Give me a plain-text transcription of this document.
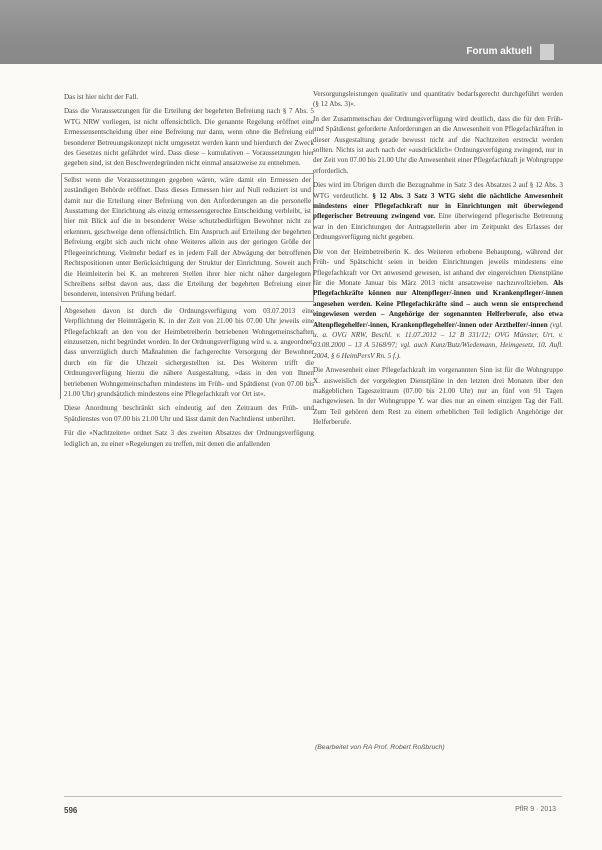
Forum aktuell

Das ist hier nicht der Fall.

Dass die Voraussetzungen für die Erteilung der begehrten Befreiung nach § 7 Abs. 5 WTG NRW vorliegen, ist nicht offensichtlich. Die genannte Regelung eröffnet eine Ermessensentscheidung über eine Befreiung nur dann, wenn ohne die Befreiung ein besonderer Betreuungskonzept nicht umgesetzt werden kann und hierdurch der Zweck des Gesetzes nicht gefährdet wird. Dass diese – kumulativen – Voraussetzungen hier gegeben sind, ist den Beschwerdegründen nicht einmal ansatzweise zu entnehmen.

Selbst wenn die Voraussetzungen gegeben wären, wäre damit ein Ermessen der zuständigen Behörde eröffnet. Dass dieses Ermessen hier auf Null reduziert ist und damit nur die Erteilung einer Befreiung von den Anforderungen an die personelle Ausstattung der Einrichtung als einzig ermessensgerechte Entscheidung verbleibt, ist hier mit Blick auf die in besonderer Weise schutzbedürftigen Bewohner nicht zu erkennen, geschweige denn offensichtlich. Ein Anspruch auf Erteilung der begehrten Befreiung ergibt sich auch nicht ohne Weiteres allein aus der geringen Größe der Pflegeeinrichtung. Vielmehr bedarf es in jedem Fall der Abwägung der betroffenen Rechtspositionen unter Berücksichtigung der Struktur der Einrichtung. Soweit auch die Heimleiterin bei K. an mehreren Stellen ihrer hier nicht näher dargelegten Schreibens selbst davon aus, dass die Erteilung der begehrten Befreiung einer besonderen, intensiven Prüfung bedarf.

Abgesehen davon ist durch die Ordnungsverfügung vom 03.07.2013 eine Verpflichtung der Heimträgerin K. in der Zeit von 21.00 bis 07.00 Uhr jeweils eine Pflegefachkraft an den von der Heimbetreiberin betriebenen Wohngemeinschaften einzusetzen, nicht begründet worden. In der Ordnungsverfügung wird u. a. angeordnet, dass unverzüglich durch Maßnahmen die fachgerechte Versorgung der Bewohner durch ein für die Uhrzeit sichergestellten ist. Des Weiteren trifft die Ordnungsverfügung hierzu die nähere Ausgestaltung, »dass in den von Ihnen betriebenen Wohngemeinschaften mindestens im Früh- und Spätdienst (von 07.00 bis 21.00 Uhr) grundsätzlich mindestens eine Pflegefachkraft vor Ort ist«.

Diese Anordnung beschränkt sich eindeutig auf den Zeitraum des Früh- und Spätdienstes von 07.00 bis 21.00 Uhr und lässt damit den Nachtdienst unberührt.

Für die »Nachtzeiten« ordnet Satz 3 des zweiten Absatzes der Ordnungsverfügung lediglich an, zu einer »Regelungen zu treffen, mit denen die anfallenden

Versorgungsleistungen qualitativ und quantitativ bedarfsgerecht durchgeführt werden (§ 12 Abs. 3)«.

In der Zusammenschau der Ordnungsverfügung wird deutlich, dass die für den Früh- und Spätdienst geforderte Anforderungen an die Anwesenheit von Pflegefachkräften in dieser Ausgestaltung gerade bewusst nicht auf die Nachtzeiten erstreckt werden sollten. Nichts ist auch nach der »ausdrücklich« Ordnungsverfügung zwingend, nur in der Zeit von 07.00 bis 21.00 Uhr die Anwesenheit einer Pflegefachkraft je Wohngruppe erforderlich.

Dies wird im Übrigen durch die Bezugnahme in Satz 3 des Absatzes 2 auf § 12 Abs. 3 WTG verdeutlicht. § 12 Abs. 3 Satz 3 WTG sieht die nächtliche Anwesenheit mindestens einer Pflegefachkraft nur in Einrichtungen mit überwiegend pflegerischer Betreuung zwingend vor. Eine überwiegend pflegerische Betreuung war in den Einrichtungen der Antragstellerin aber im Zeitpunkt des Erlasses der Ordnungsverfügung nicht gegeben.

Die von der Heimbetreiberin K. des Weiteren erhobene Behauptung, während der Früh- und Spätschicht seien in beiden Einrichtungen jeweils mindestens eine Pflegefachkraft vor Ort anwesend gewesen, ist anhand der eingereichten Dienstpläne für die Monate Januar bis März 2013 nicht ansatzweise nachzuvollziehen. Als Pflegefachkräfte können nur Altenpfleger/-innen und Krankenpfleger/-innen angesehen werden. Keine Pflegefachkräfte sind – auch wenn sie entsprechend eingewiesen werden – Angehörige der sogenannten Helferberufe, also etwa Altenpflegehelfer/-innen, Krankenpflegehelfer/-innen oder Arzthelfer/-innen (vgl. u. a. OVG NRW, Beschl. v. 11.07.2012 – 12 B 331/12; OVG Münster, Urt. v. 03.08.2000 – 13 A 5168/97; vgl. auch Kunz/Butz/Wiedemann, Heimgesetz, 10. Aufl. 2004, § 6 HeimPersV Rn. 5 f.).

Die Anwesenheit einer Pflegefachkraft im vorgenannten Sinn ist für die Wohngruppe X. ausweislich der vorgelegten Dienstpläne in den letzten drei Monaten über den maßgeblichen Tageszeitraum (07.00 bis 21.00 Uhr) nur an fünf von 91 Tagen nachgewiesen. In der Wohngruppe Y. war dies nur an einem einzigen Tag der Fall. Zum Teil gehören dem Rest zu einem erheblichen Teil lediglich Angehörige der Helferberufe.

(Bearbeitet von RA Prof. Robert Roßbruch)
596	PflR 9 · 2013
